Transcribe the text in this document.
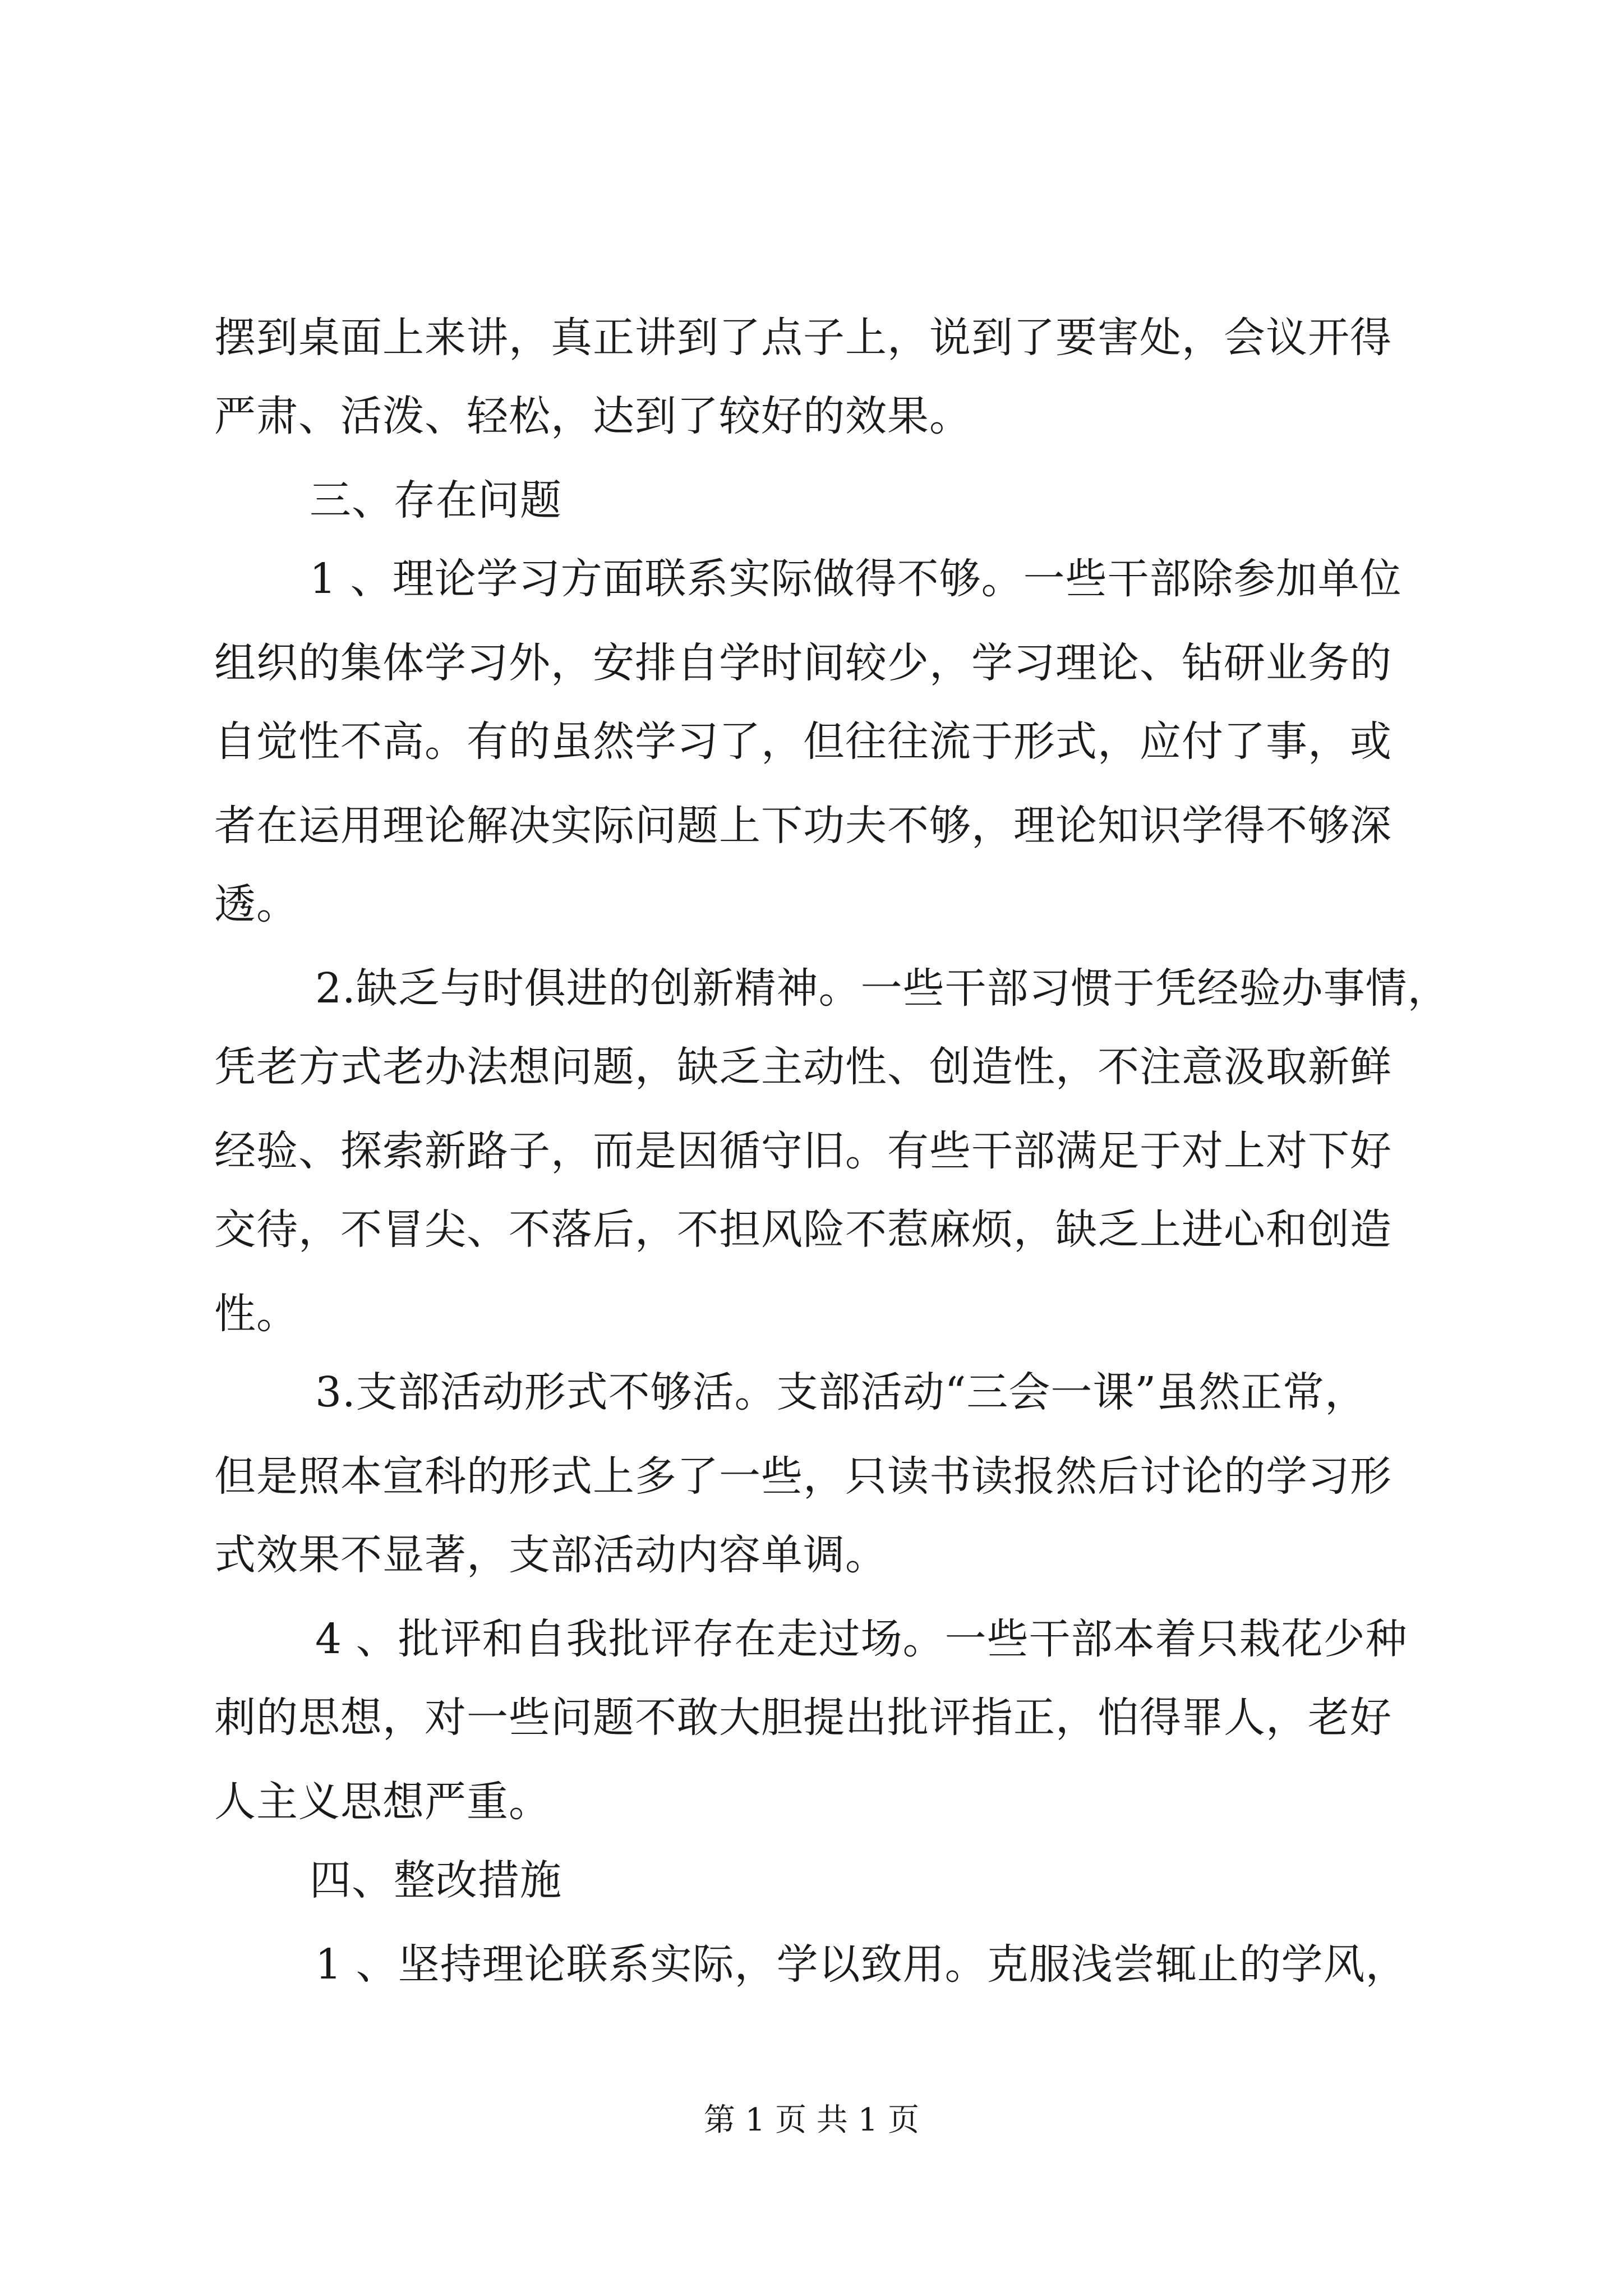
摆到桌面上来讲，真正讲到了点子上，说到了要害处，会议开得
严肃、活泼、轻松，达到了较好的效果。
三、存在问题
1 、理论学习方面联系实际做得不够。一些干部除参加单位
组织的集体学习外，安排自学时间较少，学习理论、钻研业务的
自觉性不高。有的虽然学习了，但往往流于形式，应付了事，或
者在运用理论解决实际问题上下功夫不够，理论知识学得不够深
透。
2.缺乏与时俱进的创新精神。一些干部习惯于凭经验办事情，
凭老方式老办法想问题，缺乏主动性、创造性，不注意汲取新鲜
经验、探索新路子，而是因循守旧。有些干部满足于对上对下好
交待，不冒尖、不落后，不担风险不惹麻烦，缺乏上进心和创造
性。
3.支部活动形式不够活。支部活动“三会一课”虽然正常，
但是照本宣科的形式上多了一些，只读书读报然后讨论的学习形
式效果不显著，支部活动内容单调。
4 、批评和自我批评存在走过场。一些干部本着只栽花少种
刺的思想，对一些问题不敢大胆提出批评指正，怕得罪人，老好
人主义思想严重。
四、整改措施
1 、坚持理论联系实际，学以致用。克服浅尝辄止的学风，
第 1 页 共 1 页
